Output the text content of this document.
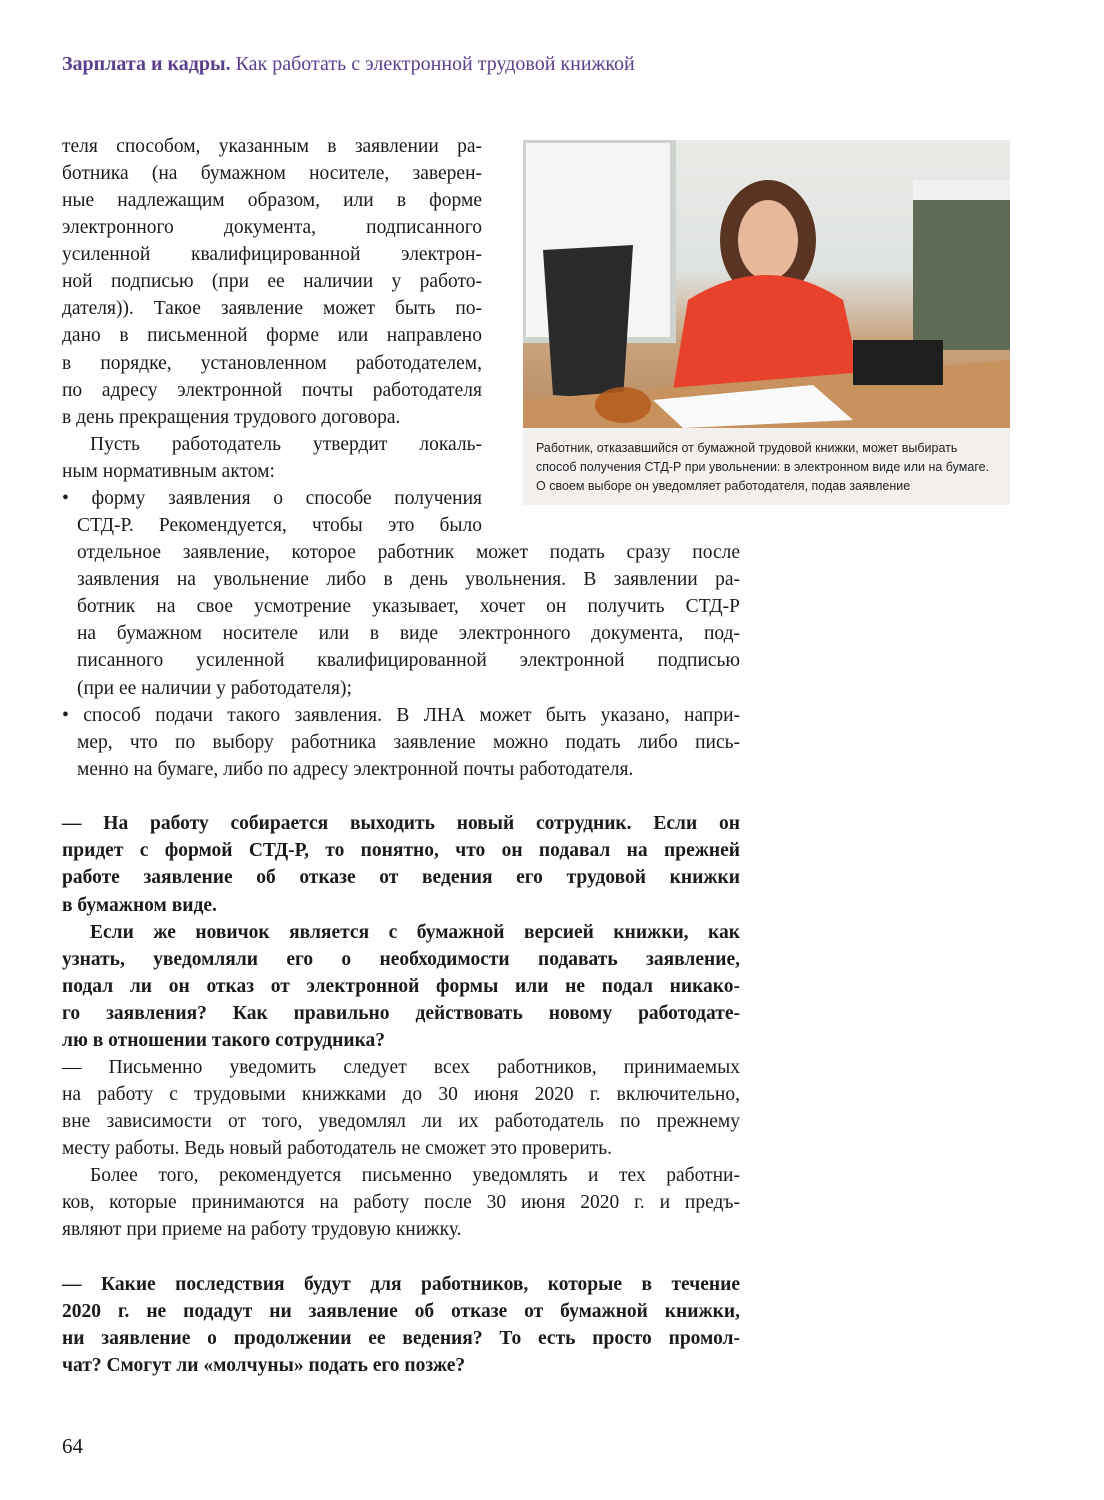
Зарплата и кадры. Как работать с электронной трудовой книжкой
Работник, отказавшийся от бумажной трудовой книжки, может выбирать
способ получения СТД-Р при увольнении: в электронном виде или на бумаге.
О своем выборе он уведомляет работодателя, подав заявление
теля способом, указанным в заявлении ра-
ботника (на бумажном носителе, заверен-
ные надлежащим образом, или в форме
электронного документа, подписанного
усиленной квалифицированной электрон-
ной подписью (при ее наличии у работо-
дателя)). Такое заявление может быть по-
дано в письменной форме или направлено
в порядке, установленном работодателем,
по адресу электронной почты работодателя
в день прекращения трудового договора.
Пусть работодатель утвердит локаль-
ным нормативным актом:
• форму заявления о способе получения
СТД-Р. Рекомендуется, чтобы это было
отдельное заявление, которое работник может подать сразу после
заявления на увольнение либо в день увольнения. В заявлении ра-
ботник на свое усмотрение указывает, хочет он получить СТД-Р
на бумажном носителе или в виде электронного документа, под-
писанного усиленной квалифицированной электронной подписью
(при ее наличии у работодателя);
• способ подачи такого заявления. В ЛНА может быть указано, напри-
мер, что по выбору работника заявление можно подать либо пись-
менно на бумаге, либо по адресу электронной почты работодателя.
— На работу собирается выходить новый сотрудник. Если он
придет с формой СТД-Р, то понятно, что он подавал на прежней
работе заявление об отказе от ведения его трудовой книжки
в бумажном виде.
Если же новичок является с бумажной версией книжки, как
узнать, уведомляли его о необходимости подавать заявление,
подал ли он отказ от электронной формы или не подал никако-
го заявления? Как правильно действовать новому работодате-
лю в отношении такого сотрудника?
— Письменно уведомить следует всех работников, принимаемых
на работу с трудовыми книжками до 30 июня 2020 г. включительно,
вне зависимости от того, уведомлял ли их работодатель по прежнему
месту работы. Ведь новый работодатель не сможет это проверить.
Более того, рекомендуется письменно уведомлять и тех работни-
ков, которые принимаются на работу после 30 июня 2020 г. и предъ-
являют при приеме на работу трудовую книжку.
— Какие последствия будут для работников, которые в течение
2020 г. не подадут ни заявление об отказе от бумажной книжки,
ни заявление о продолжении ее ведения? То есть просто промол-
чат? Смогут ли «молчуны» подать его позже?
64
